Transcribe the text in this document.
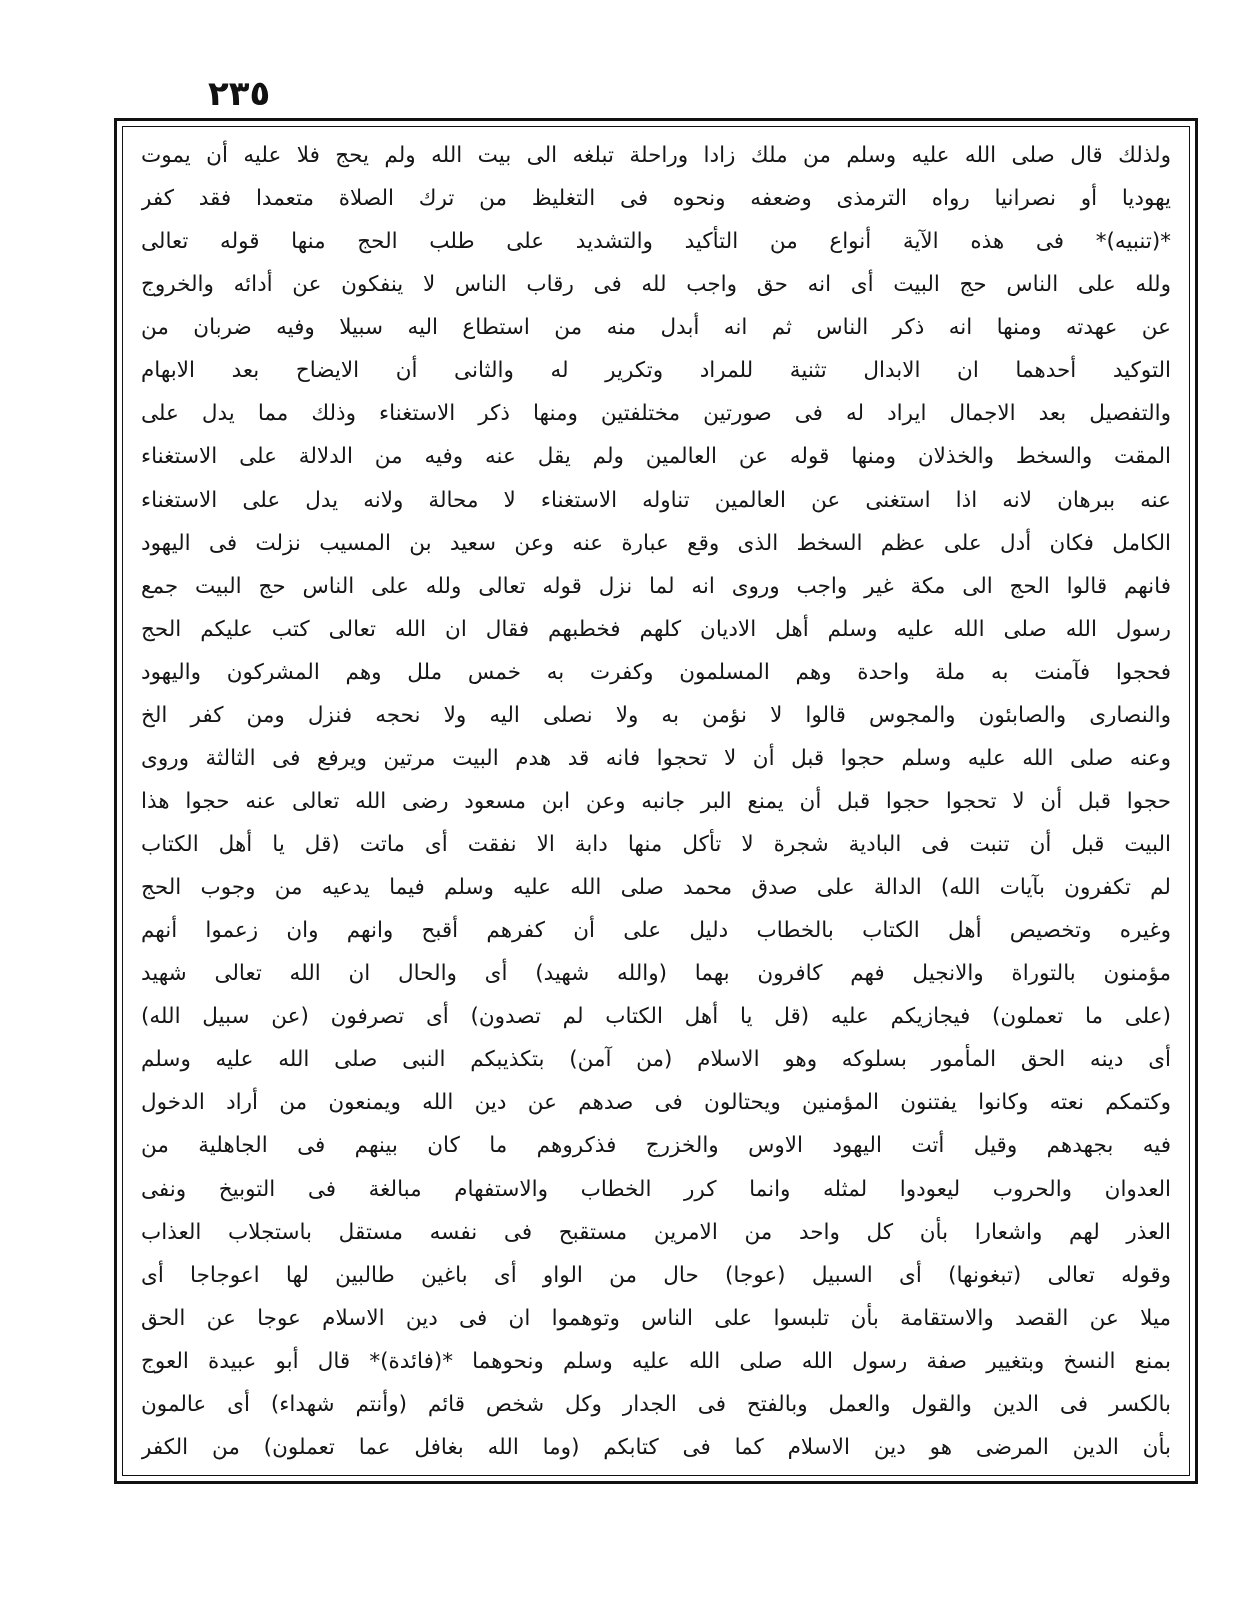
٢٣٥
ولذلك قال صلى الله عليه وسلم من ملك زادا وراحلة تبلغه الى بيت الله ولم يحج فلا عليه أن يموت
يهوديا أو نصرانيا رواه الترمذى وضعفه ونحوه فى التغليظ من ترك الصلاة متعمدا فقد كفر
*(تنبيه)* فى هذه الآية أنواع من التأكيد والتشديد على طلب الحج منها قوله تعالى
ولله على الناس حج البيت أى انه حق واجب لله فى رقاب الناس لا ينفكون عن أدائه والخروج
عن عهدته ومنها انه ذكر الناس ثم انه أبدل منه من استطاع اليه سبيلا وفيه ضربان من
التوكيد أحدهما ان الابدال تثنية للمراد وتكرير له والثانى أن الايضاح بعد الابهام
والتفصيل بعد الاجمال ايراد له فى صورتين مختلفتين ومنها ذكر الاستغناء وذلك مما يدل على
المقت والسخط والخذلان ومنها قوله عن العالمين ولم يقل عنه وفيه من الدلالة على الاستغناء
عنه ببرهان لانه اذا استغنى عن العالمين تناوله الاستغناء لا محالة ولانه يدل على الاستغناء
الكامل فكان أدل على عظم السخط الذى وقع عبارة عنه وعن سعيد بن المسيب نزلت فى اليهود
فانهم قالوا الحج الى مكة غير واجب وروى انه لما نزل قوله تعالى ولله على الناس حج البيت جمع
رسول الله صلى الله عليه وسلم أهل الاديان كلهم فخطبهم فقال ان الله تعالى كتب عليكم الحج
فحجوا فآمنت به ملة واحدة وهم المسلمون وكفرت به خمس ملل وهم المشركون واليهود
والنصارى والصابئون والمجوس قالوا لا نؤمن به ولا نصلى اليه ولا نحجه فنزل ومن كفر الخ
وعنه صلى الله عليه وسلم حجوا قبل أن لا تحجوا فانه قد هدم البيت مرتين ويرفع فى الثالثة وروى
حجوا قبل أن لا تحجوا حجوا قبل أن يمنع البر جانبه وعن ابن مسعود رضى الله تعالى عنه حجوا هذا
البيت قبل أن تنبت فى البادية شجرة لا تأكل منها دابة الا نفقت أى ماتت (قل يا أهل الكتاب
لم تكفرون بآيات الله) الدالة على صدق محمد صلى الله عليه وسلم فيما يدعيه من وجوب الحج
وغيره وتخصيص أهل الكتاب بالخطاب دليل على أن كفرهم أقبح وانهم وان زعموا أنهم
مؤمنون بالتوراة والانجيل فهم كافرون بهما (والله شهيد) أى والحال ان الله تعالى شهيد
(على ما تعملون) فيجازيكم عليه (قل يا أهل الكتاب لم تصدون) أى تصرفون (عن سبيل الله)
أى دينه الحق المأمور بسلوكه وهو الاسلام (من آمن) بتكذيبكم النبى صلى الله عليه وسلم
وكتمكم نعته وكانوا يفتنون المؤمنين ويحتالون فى صدهم عن دين الله ويمنعون من أراد الدخول
فيه بجهدهم وقيل أتت اليهود الاوس والخزرج فذكروهم ما كان بينهم فى الجاهلية من
العدوان والحروب ليعودوا لمثله وانما كرر الخطاب والاستفهام مبالغة فى التوبيخ ونفى
العذر لهم واشعارا بأن كل واحد من الامرين مستقبح فى نفسه مستقل باستجلاب العذاب
وقوله تعالى (تبغونها) أى السبيل (عوجا) حال من الواو أى باغين طالبين لها اعوجاجا أى
ميلا عن القصد والاستقامة بأن تلبسوا على الناس وتوهموا ان فى دين الاسلام عوجا عن الحق
بمنع النسخ وبتغيير صفة رسول الله صلى الله عليه وسلم ونحوهما *(فائدة)* قال أبو عبيدة العوج
بالكسر فى الدين والقول والعمل وبالفتح فى الجدار وكل شخص قائم (وأنتم شهداء) أى عالمون
بأن الدين المرضى هو دين الاسلام كما فى كتابكم (وما الله بغافل عما تعملون) من الكفر
